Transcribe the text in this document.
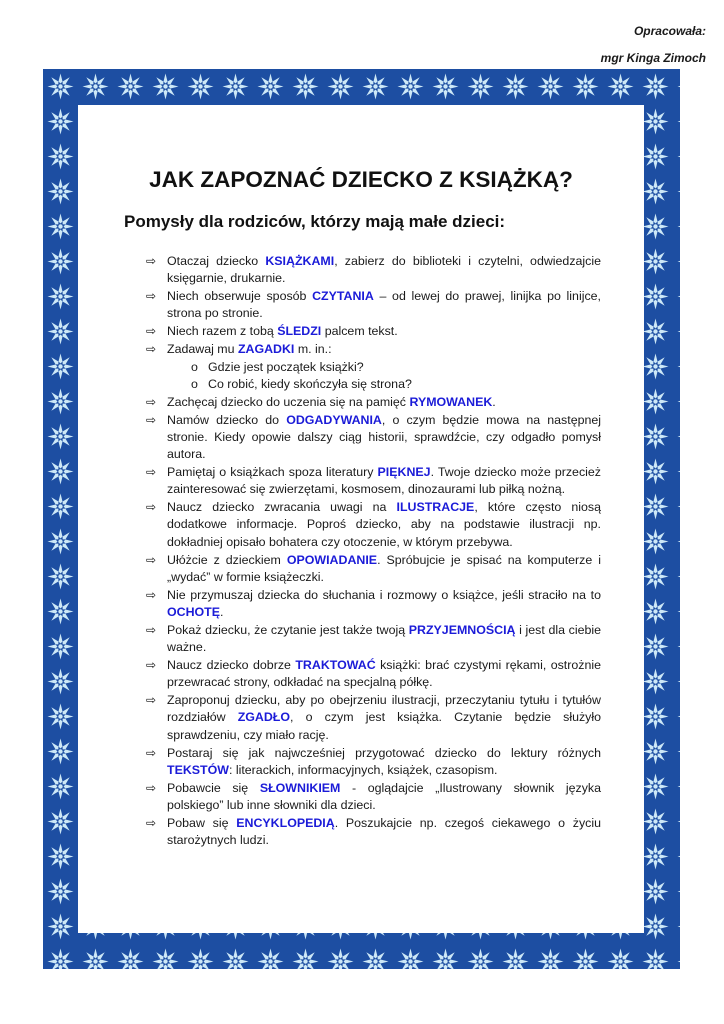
Opracowała:
mgr Kinga Zimoch
JAK ZAPOZNAĆ DZIECKO Z KSIĄŻKĄ?
Pomysły dla rodziców, którzy mają małe dzieci:
⇨ Otaczaj dziecko KSIĄŻKAMI, zabierz do biblioteki i czytelni, odwiedzajcie księgarnie, drukarnie.
⇨ Niech obserwuje sposób CZYTANIA – od lewej do prawej, linijka po linijce, strona po stronie.
⇨ Niech razem z tobą ŚLEDZI palcem tekst.
⇨ Zadawaj mu ZAGADKI m. in.:
o Gdzie jest początek książki?
o Co robić, kiedy skończyła się strona?
⇨ Zachęcaj dziecko do uczenia się na pamięć RYMOWANEK.
⇨ Namów dziecko do ODGADYWANIA, o czym będzie mowa na następnej stronie. Kiedy opowie dalszy ciąg historii, sprawdźcie, czy odgadło pomysł autora.
⇨ Pamiętaj o książkach spoza literatury PIĘKNEJ. Twoje dziecko może przecież zainteresować się zwierzętami, kosmosem, dinozaurami lub piłką nożną.
⇨ Naucz dziecko zwracania uwagi na ILUSTRACJE, które często niosą dodatkowe informacje. Poproś dziecko, aby na podstawie ilustracji np. dokładniej opisało bohatera czy otoczenie, w którym przebywa.
⇨ Ułóżcie z dzieckiem OPOWIADANIE. Spróbujcie je spisać na komputerze i „wydać” w formie książeczki.
⇨ Nie przymuszaj dziecka do słuchania i rozmowy o książce, jeśli straciło na to OCHOTĘ.
⇨ Pokaż dziecku, że czytanie jest także twoją PRZYJEMNOŚCIĄ i jest dla ciebie ważne.
⇨ Naucz dziecko dobrze TRAKTOWAĆ książki: brać czystymi rękami, ostrożnie przewracać strony, odkładać na specjalną półkę.
⇨ Zaproponuj dziecku, aby po obejrzeniu ilustracji, przeczytaniu tytułu i tytułów rozdziałów ZGADŁO, o czym jest książka. Czytanie będzie służyło sprawdzeniu, czy miało rację.
⇨ Postaraj się jak najwcześniej przygotować dziecko do lektury różnych TEKSTÓW: literackich, informacyjnych, książek, czasopism.
⇨ Pobawcie się SŁOWNIKIEM - oglądajcie „Ilustrowany słownik języka polskiego” lub inne słowniki dla dzieci.
⇨ Pobaw się ENCYKLOPEDIĄ. Poszukajcie np. czegoś ciekawego o życiu starożytnych ludzi.
